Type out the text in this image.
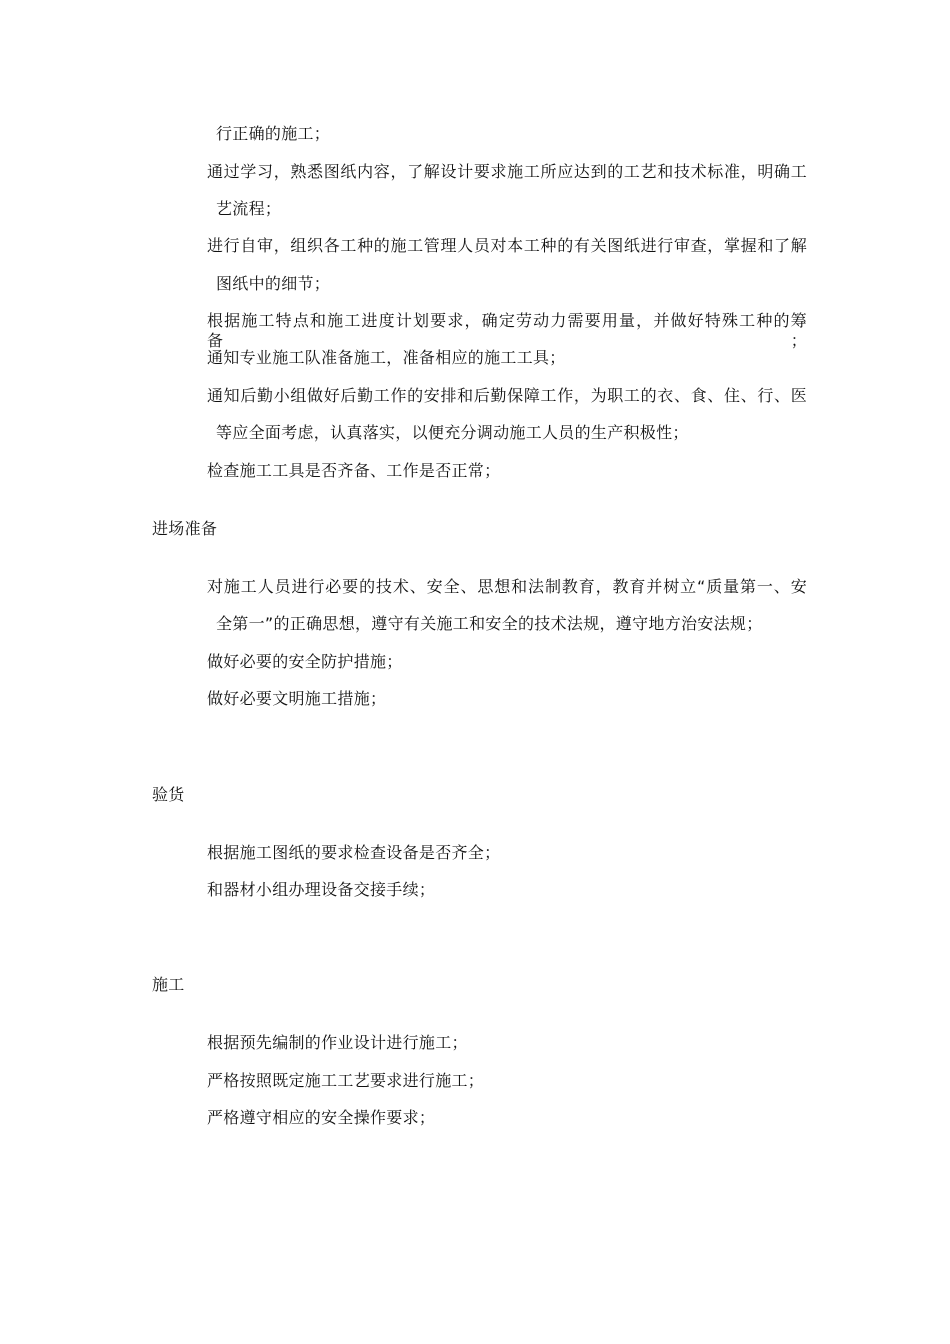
行正确的施工；
通过学习，熟悉图纸内容，了解设计要求施工所应达到的工艺和技术标准，明确工
艺流程；
进行自审，组织各工种的施工管理人员对本工种的有关图纸进行审查，掌握和了解
图纸中的细节；
根据施工特点和施工进度计划要求，确定劳动力需要用量，并做好特殊工种的筹备；
通知专业施工队准备施工，准备相应的施工工具；
通知后勤小组做好后勤工作的安排和后勤保障工作，为职工的衣、食、住、行、医
等应全面考虑，认真落实，以便充分调动施工人员的生产积极性；
检查施工工具是否齐备、工作是否正常；
进场准备
对施工人员进行必要的技术、安全、思想和法制教育，教育并树立“质量第一、安
全第一”的正确思想，遵守有关施工和安全的技术法规，遵守地方治安法规；
做好必要的安全防护措施；
做好必要文明施工措施；
验货
根据施工图纸的要求检查设备是否齐全；
和器材小组办理设备交接手续；
施工
根据预先编制的作业设计进行施工；
严格按照既定施工工艺要求进行施工；
严格遵守相应的安全操作要求；
